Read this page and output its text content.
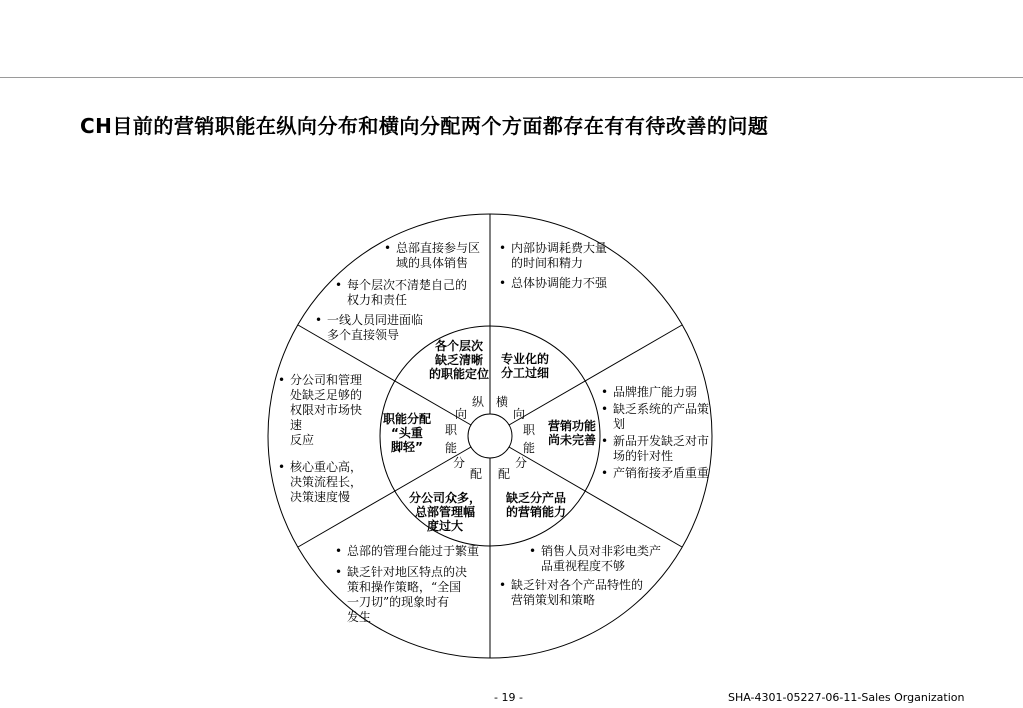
CH目前的营销职能在纵向分布和横向分配两个方面都存在有有待改善的问题
• 总部直接参与区域的具体销售
• 每个层次不清楚自己的权力和责任
• 一线人员同进面临多个直接领导
• 内部协调耗费大量的时间和精力
• 总体协调能力不强
• 分公司和管理处缺乏足够的权限对市场快速
反应
• 核心重心高，决策流程长，决策速度慢
• 品牌推广能力弱
• 缺乏系统的产品策划
• 新品开发缺乏对市场的针对性
• 产销衔接矛盾重重
• 总部的管理台能过于繁重
• 缺乏针对地区特点的决
策和操作策略，“全国
一刀切”的现象时有
发生
• 销售人员对非彩电类产品重视程度不够
• 缺乏针对各个产品特性的营销策划和策略
各个层次
缺乏清晰
的职能定位
专业化的
分工过细
职能分配
“头重
脚轻”
营销功能
尚未完善
分公司众多，
总部管理幅
度过大
缺乏分产品
的营销能力
纵
向
职
能
分
配
横
向
职
能
分
配
- 19 -	SHA-4301-05227-06-11-Sales Organization
